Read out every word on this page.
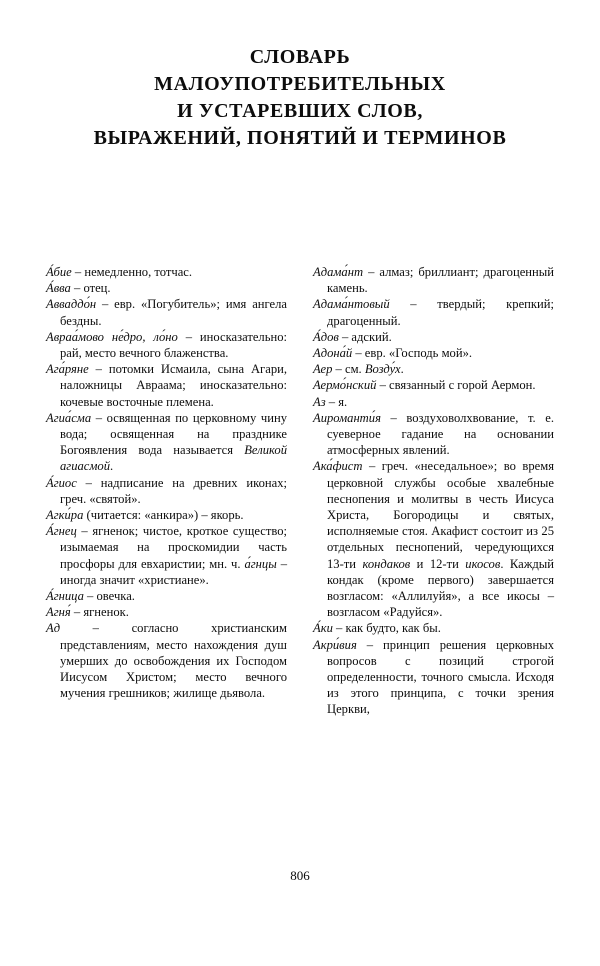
СЛОВАРЬ
МАЛОУПОТРЕБИТЕЛЬНЫХ
И УСТАРЕВШИХ СЛОВ,
ВЫРАЖЕНИЙ, ПОНЯТИЙ И ТЕРМИНОВ

А́бие – немедленно, тотчас.

А́вва – отец.

Авваддо́н – евр. «Погубитель»; имя ангела бездны.

Авраа́мово не́дро, ло́но – иносказательно: рай, место вечного блаженства.

Ага́ряне – потомки Исмаила, сына Агари, наложницы Авраама; иносказательно: кочевые восточные племена.

Агиа́сма – освященная по церковному чину вода; освященная на празднике Богоявления вода называется Великой агиасмой.

А́гиос – надписание на древних иконах; греч. «святой».

Агки́ра (читается: «анкира») – якорь.

А́гнец – ягненок; чистое, кроткое существо; изымаемая на проскомидии часть просфоры для евхаристии; мн. ч. а́гнцы – иногда значит «христиане».

А́гница – овечка.

Агня́ – ягненок.

Ад – согласно христианским представлениям, место нахождения душ умерших до освобождения их Господом Иисусом Христом; место вечного мучения грешников; жилище дьявола.

Адама́нт – алмаз; бриллиант; драгоценный камень.

Адама́нтовый – твердый; крепкий; драгоценный.

А́дов – адский.

Адона́й – евр. «Господь мой».

Аер – см. Возду́х.

Аермо́нский – связанный с горой Аермон.

Аз – я.

Аироманти́я – воздуховолхвование, т. е. суеверное гадание на основании атмосферных явлений.

Ака́фист – греч. «неседальное»; во время церковной службы особые хвалебные песнопения и молитвы в честь Иисуса Христа, Богородицы и святых, исполняемые стоя. Акафист состоит из 25 отдельных песнопений, чередующихся 13-ти кондаков и 12-ти икосов. Каждый кондак (кроме первого) завершается возгласом: «Аллилуйя», а все икосы – возгласом «Радуйся».

А́ки – как будто, как бы.

Акри́вия – принцип решения церковных вопросов с позиций строгой определенности, точного смысла. Исходя из этого принципа, с точки зрения Церкви,

806
